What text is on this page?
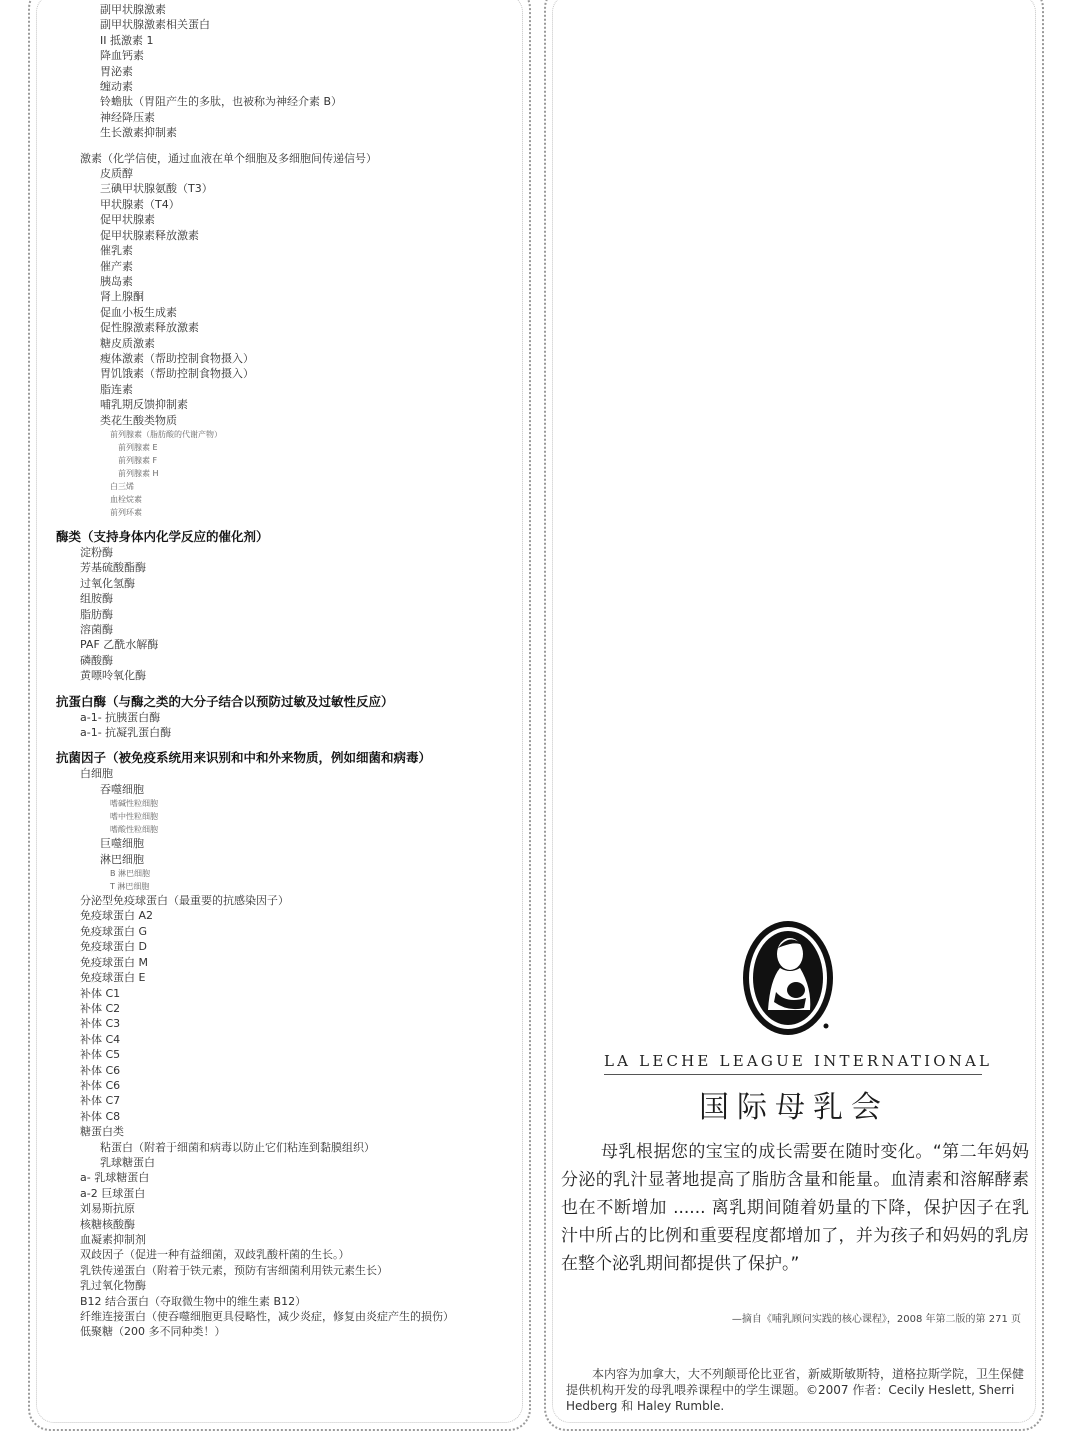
副甲状腺激素
副甲状腺激素相关蛋白
II 抵激素 1
降血钙素
胃泌素
缠动素
铃蟾肽（胃阻产生的多肽，也被称为神经介素 B）
神经降压素
生长激素抑制素
激素（化学信使，通过血液在单个细胞及多细胞间传递信号）
皮质醇
三碘甲状腺氨酸（T3）
甲状腺素（T4）
促甲状腺素
促甲状腺素释放激素
催乳素
催产素
胰岛素
肾上腺酮
促血小板生成素
促性腺激素释放激素
糖皮质激素
瘦体激素（帮助控制食物摄入）
胃饥饿素（帮助控制食物摄入）
脂连素
哺乳期反馈抑制素
类花生酸类物质
前列腺素（脂肪酸的代谢产物）
前列腺素 E
前列腺素 F
前列腺素 H
白三烯
血栓烷素
前列环素
酶类（支持身体内化学反应的催化剂）
淀粉酶
芳基硫酸酯酶
过氧化氢酶
组胺酶
脂肪酶
溶菌酶
PAF 乙酰水解酶
磷酸酶
黄嘌呤氧化酶
抗蛋白酶（与酶之类的大分子结合以预防过敏及过敏性反应）
a-1- 抗胰蛋白酶
a-1- 抗凝乳蛋白酶
抗菌因子（被免疫系统用来识别和中和外来物质，例如细菌和病毒）
白细胞
吞噬细胞
嗜碱性粒细胞
嗜中性粒细胞
嗜酸性粒细胞
巨噬细胞
淋巴细胞
B 淋巴细胞
T 淋巴细胞
分泌型免疫球蛋白（最重要的抗感染因子）
免疫球蛋白 A2
免疫球蛋白 G
免疫球蛋白 D
免疫球蛋白 M
免疫球蛋白 E
补体 C1
补体 C2
补体 C3
补体 C4
补体 C5
补体 C6
补体 C6
补体 C7
补体 C8
糖蛋白类
粘蛋白（附着于细菌和病毒以防止它们粘连到黏膜组织）
乳球糖蛋白
a- 乳球糖蛋白
a-2 巨球蛋白
刘易斯抗原
核糖核酸酶
血凝素抑制剂
双歧因子（促进一种有益细菌，双歧乳酸杆菌的生长。）
乳铁传递蛋白（附着于铁元素，预防有害细菌利用铁元素生长）
乳过氧化物酶
B12 结合蛋白（夺取微生物中的维生素 B12）
纤维连接蛋白（使吞噬细胞更具侵略性，减少炎症，修复由炎症产生的损伤）
低聚糖（200 多不同种类！）
LA LECHE LEAGUE INTERNATIONAL
国际母乳会
母乳根据您的宝宝的成长需要在随时变化。“第二年妈妈分泌的乳汁显著地提高了脂肪含量和能量。血清素和溶解酵素也在不断增加 ...... 离乳期间随着奶量的下降，保护因子在乳汁中所占的比例和重要程度都增加了，并为孩子和妈妈的乳房在整个泌乳期间都提供了保护。”
—摘自《哺乳顾问实践的核心课程》，2008 年第二版的第 271 页
本内容为加拿大，大不列颠哥伦比亚省，新威斯敏斯特，道格拉斯学院，卫生保健提供机构开发的母乳喂养课程中的学生课题。©2007 作者：Cecily Heslett, Sherri Hedberg 和 Haley Rumble.
